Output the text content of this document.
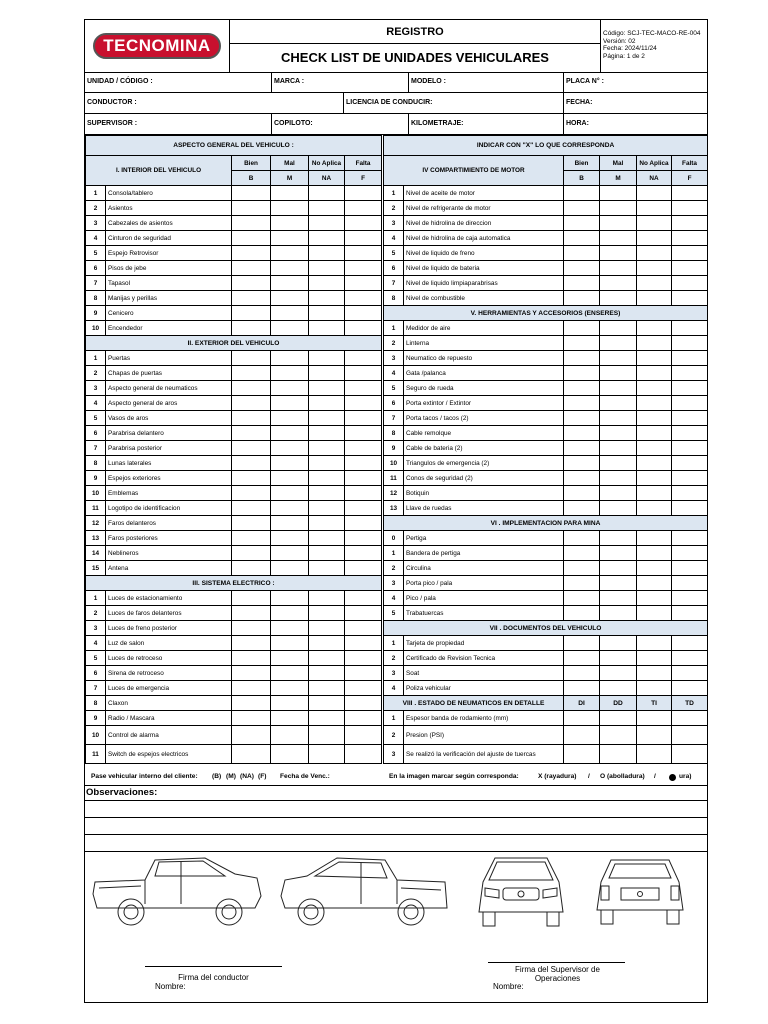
TECNOMINA
REGISTRO
CHECK LIST DE UNIDADES VEHICULARES
Código: SCJ-TEC-MACO-RE-004
Versión: 02
Fecha: 2024/11/24
Página: 1 de 2
UNIDAD / CÓDIGO :	MARCA :	MODELO :	PLACA N° :
CONDUCTOR :	LICENCIA DE CONDUCIR:	FECHA:
SUPERVISOR :	COPILOTO:	KILOMETRAJE:	HORA:
ASPECTO GENERAL DEL VEHICULO :					
I. INTERIOR DEL VEHICULO		Bien	Mal	No Aplica	Falta
		B	M	NA	F
1	Consola/tablero				
2	Asientos				
3	Cabezales de asientos				
4	Cinturon de seguridad				
5	Espejo Retrovisor				
6	Pisos de jebe				
7	Tapasol				
8	Manijas y perillas				
9	Cenicero				
10	Encendedor				
II. EXTERIOR DEL VEHICULO					
1	Puertas				
2	Chapas de puertas				
3	Aspecto general de neumaticos				
4	Aspecto general de aros				
5	Vasos de aros				
6	Parabrisa delantero				
7	Parabrisa posterior				
8	Lunas laterales				
9	Espejos exteriores				
10	Emblemas				
11	Logotipo de identificacion				
12	Faros delanteros				
13	Faros posteriores				
14	Neblineros				
15	Antena				
III. SISTEMA ELECTRICO :					
1	Luces de estacionamiento				
2	Luces de faros delanteros				
3	Luces de freno posterior				
4	Luz de salon				
5	Luces de retroceso				
6	Sirena de retroceso				
7	Luces de emergencia				
8	Claxon				
9	Radio / Mascara				
10	Control de alarma				
11	Switch de espejos electricos				
INDICAR CON "X" LO QUE CORRESPONDA					
IV COMPARTIMIENTO DE MOTOR		Bien	Mal	No Aplica	Falta
		B	M	NA	F
1	Nivel de aceite de motor				
2	Nivel de refrigerante de motor				
3	Nivel de hidrolina de direccion				
4	Nivel de hidrolina de caja automatica				
5	Nivel de liquido de freno				
6	Nivel de liquido de bateria				
7	Nivel de liquido limpiaparabrisas				
8	Nivel de combustible				
V. HERRAMIENTAS Y ACCESORIOS (ENSERES)					
1	Medidor de aire				
2	Linterna				
3	Neumatico de repuesto				
4	Gata /palanca				
5	Seguro de rueda				
6	Porta extintor / Extintor				
7	Porta tacos / tacos (2)				
8	Cable remolque				
9	Cable de bateria (2)				
10	Triangulos de emergencia (2)				
11	Conos de seguridad (2)				
12	Botiquin				
13	Llave de ruedas				
VI . IMPLEMENTACION PARA MINA					
0	Pertiga				
1	Bandera de pertiga				
2	Circulina				
3	Porta pico / pala				
4	Pico / pala				
5	Trabatuercas				
VII . DOCUMENTOS DEL VEHICULO					
1	Tarjeta de propiedad				
2	Certificado de Revision Tecnica				
3	Soat				
4	Poliza vehicular				
VIII . ESTADO DE NEUMATICOS EN DETALLE		DI	DD	TI	TD
1	Espesor banda de rodamiento (mm)				
2	Presion (PSI)				
3	Se realizó la verificación del ajuste de tuercas				
Pase vehicular interno del cliente: (B) (M) (NA) (F) Fecha de Venc.:	En la imagen marcar según corresponda:	X (rayadura) / O (abolladura) /	ura)
Observaciones:
Firma del conductor
Nombre:
Firma del Supervisor de Operaciones
Nombre:
